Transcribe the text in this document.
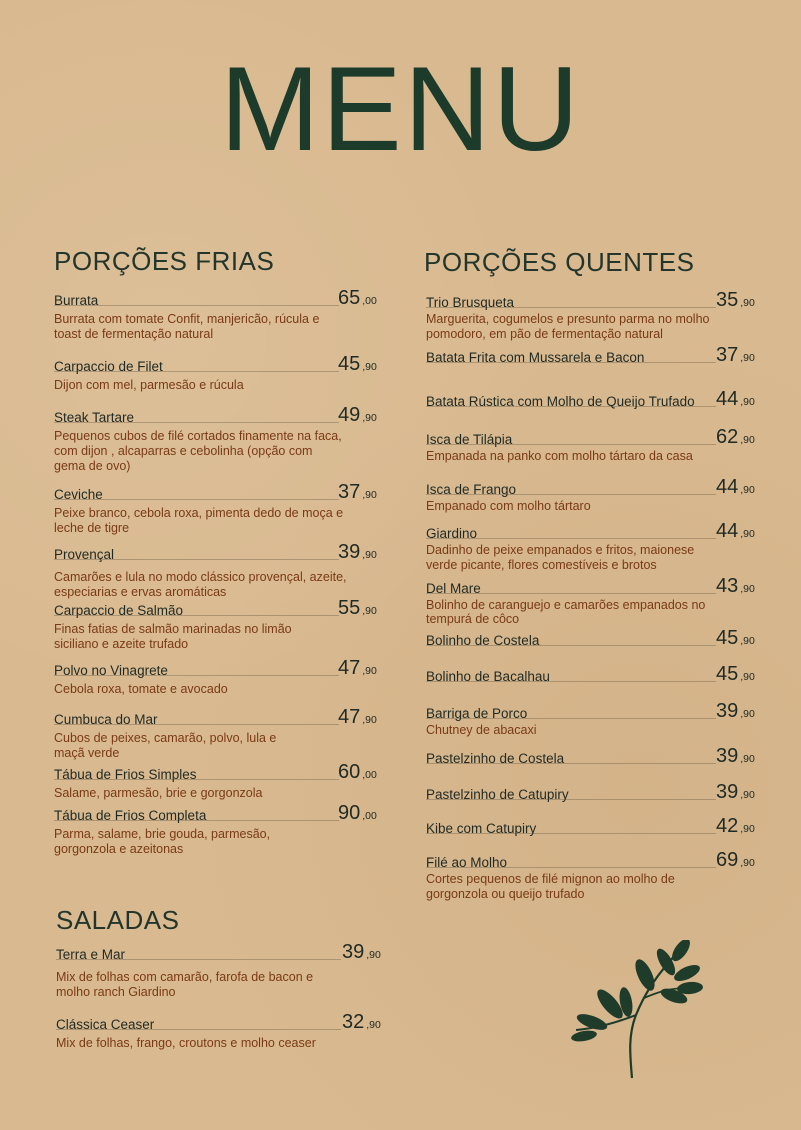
MENU
PORÇÕES FRIAS
Burrata	65 ,00
Burrata com tomate Confit, manjericão, rúcula e toast de fermentação natural
Carpaccio de Filet	45 ,90
Dijon com mel, parmesão e rúcula
Steak Tartare	49 ,90
Pequenos cubos de filé cortados finamente na faca, com dijon , alcaparras e cebolinha (opção com gema de ovo)
Ceviche	37 ,90
Peixe branco, cebola roxa, pimenta dedo de moça e leche de tigre
Provençal	39 ,90
Camarões e lula no modo clássico provençal, azeite, especiarias e ervas aromáticas
Carpaccio de Salmão	55 ,90
Finas fatias de salmão marinadas no limão siciliano e azeite trufado
Polvo no Vinagrete	47 ,90
Cebola roxa, tomate e avocado
Cumbuca do Mar	47 ,90
Cubos de peixes, camarão, polvo, lula e maçã verde
Tábua de Frios Simples	60 ,00
Salame, parmesão, brie e gorgonzola
Tábua de Frios Completa	90 ,00
Parma, salame, brie gouda, parmesão, gorgonzola e azeitonas
SALADAS
Terra e Mar	39 ,90
Mix de folhas com camarão, farofa de bacon e molho ranch Giardino
Clássica Ceaser	32 ,90
Mix de folhas, frango, croutons e molho ceaser
PORÇÕES QUENTES
Trio Brusqueta	35 ,90
Marguerita, cogumelos e presunto parma no molho pomodoro, em pão de fermentação natural
Batata Frita com Mussarela e Bacon	37 ,90
Batata Rústica com Molho de Queijo Trufado 44 ,90
Isca de Tilápia	62 ,90
Empanada na panko com molho tártaro da casa
Isca de Frango	44 ,90
Empanado com molho tártaro
Giardino	44 ,90
Dadinho de peixe empanados e fritos, maionese verde picante, flores comestíveis e brotos
Del Mare	43 ,90
Bolinho de caranguejo e camarões empanados no tempurá de côco
Bolinho de Costela	45 ,90
Bolinho de Bacalhau	45 ,90
Barriga de Porco	39 ,90
Chutney de abacaxi
Pastelzinho de Costela	39 ,90
Pastelzinho de Catupiry	39 ,90
Kibe com Catupiry	42 ,90
Filé ao Molho	69 ,90
Cortes pequenos de filé mignon ao molho de gorgonzola ou queijo trufado
